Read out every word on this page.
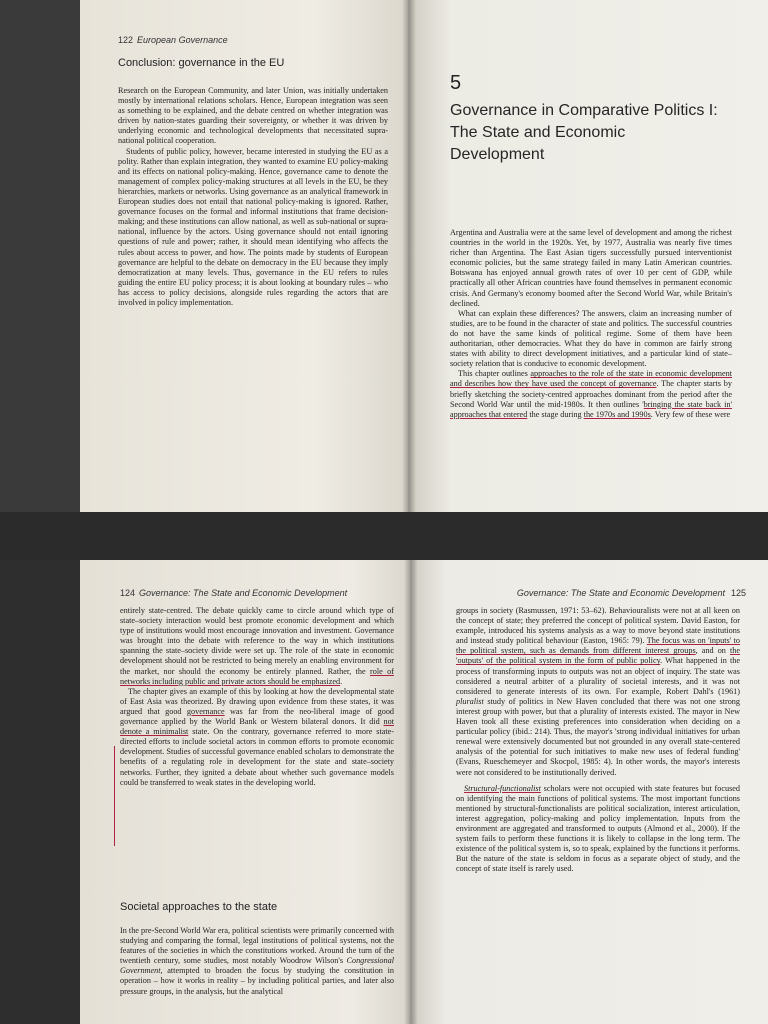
122 European Governance
Conclusion: governance in the EU

Research on the European Community, and later Union, was initially undertaken mostly by international relations scholars. Hence, European integration was seen as something to be explained, and the debate centred on whether integration was driven by nation-states guarding their sovereignty, or whether it was driven by underlying economic and technological developments that necessitated supra-national political cooperation.

Students of public policy, however, became interested in studying the EU as a polity. Rather than explain integration, they wanted to examine EU policy-making and its effects on national policy-making. Hence, governance came to denote the management of complex policy-making structures at all levels in the EU, be they hierarchies, markets or networks. Using governance as an analytical framework in European studies does not entail that national policy-making is ignored. Rather, governance focuses on the formal and informal institutions that frame decision-making; and these institutions can allow national, as well as sub-national or supra-national, influence by the actors. Using governance should not entail ignoring questions of rule and power; rather, it should mean identifying who affects the rules about access to power, and how. The points made by students of European governance are helpful to the debate on democracy in the EU because they imply democratization at many levels. Thus, governance in the EU refers to rules guiding the entire EU policy process; it is about looking at boundary rules – who has access to policy decisions, alongside rules regarding the actors that are involved in policy implementation.

5
Governance in Comparative Politics I: The State and Economic Development

Argentina and Australia were at the same level of development and among the richest countries in the world in the 1920s. Yet, by 1977, Australia was nearly five times richer than Argentina. The East Asian tigers successfully pursued interventionist economic policies, but the same strategy failed in many Latin American countries. Botswana has enjoyed annual growth rates of over 10 per cent of GDP, while practically all other African countries have found themselves in permanent economic crisis. And Germany's economy boomed after the Second World War, while Britain's declined.

What can explain these differences? The answers, claim an increasing number of studies, are to be found in the character of state and politics. The successful countries do not have the same kinds of political regime. Some of them have been authoritarian, other democracies. What they do have in common are fairly strong states with ability to direct development initiatives, and a particular kind of state–society relation that is conducive to economic development.

This chapter outlines approaches to the role of the state in economic development and describes how they have used the concept of governance. The chapter starts by briefly sketching the society-centred approaches dominant from the period after the Second World War until the mid-1980s. It then outlines 'bringing the state back in' approaches that entered the stage during the 1970s and 1990s. Very few of these were

124 Governance: The State and Economic Development

entirely state-centred. The debate quickly came to circle around which type of state–society interaction would best promote economic development and which type of institutions would most encourage innovation and investment. Governance was brought into the debate with reference to the way in which institutions spanning the state–society divide were set up. The role of the state in economic development should not be restricted to being merely an enabling environment for the market, nor should the economy be entirely planned. Rather, the role of networks including public and private actors should be emphasized.

The chapter gives an example of this by looking at how the developmental state of East Asia was theorized. By drawing upon evidence from these states, it was argued that good governance was far from the neo-liberal image of good governance applied by the World Bank or Western bilateral donors. It did not denote a minimalist state. On the contrary, governance referred to more state-directed efforts to include societal actors in common efforts to promote economic development. Studies of successful governance enabled scholars to demonstrate the benefits of a regulating role in development for the state and state–society networks. Further, they ignited a debate about whether such governance models could be transferred to weak states in the developing world.

Societal approaches to the state

In the pre-Second World War era, political scientists were primarily concerned with studying and comparing the formal, legal institutions of political systems, not the features of the societies in which the constitutions worked. Around the turn of the twentieth century, some studies, most notably Woodrow Wilson's Congressional Government, attempted to broaden the focus by studying the constitution in operation – how it works in reality – by including political parties, and later also pressure groups, in the analysis, but the analytical

Governance: The State and Economic Development 125

groups in society (Rasmussen, 1971: 53–62). Behaviouralists were not at all keen on the concept of state; they preferred the concept of political system. David Easton, for example, introduced his systems analysis as a way to move beyond state institutions and instead study political behaviour (Easton, 1965: 79). The focus was on 'inputs' to the political system, such as demands from different interest groups, and on the 'outputs' of the political system in the form of public policy. What happened in the process of transforming inputs to outputs was not an object of inquiry. The state was considered a neutral arbiter of a plurality of societal interests, and it was not considered to generate interests of its own. For example, Robert Dahl's (1961) pluralist study of politics in New Haven concluded that there was not one strong interest group with power, but that a plurality of interests existed. The mayor in New Haven took all these existing preferences into consideration when deciding on a particular policy (ibid.: 214). Thus, the mayor's 'strong individual initiatives for urban renewal were extensively documented but not grounded in any overall state-centered analysis of the potential for such initiatives to make new uses of federal funding' (Evans, Rueschemeyer and Skocpol, 1985: 4). In other words, the mayor's interests were not considered to be institutionally derived.

Structural-functionalist scholars were not occupied with state features but focused on identifying the main functions of political systems. The most important functions mentioned by structural-functionalists are political socialization, interest articulation, interest aggregation, policy-making and policy implementation. Inputs from the environment are aggregated and transformed to outputs (Almond et al., 2000). If the system fails to perform these functions it is likely to collapse in the long term. The existence of the political system is, so to speak, explained by the functions it performs. But the nature of the state is seldom in focus as a separate object of study, and the concept of state itself is rarely used.
